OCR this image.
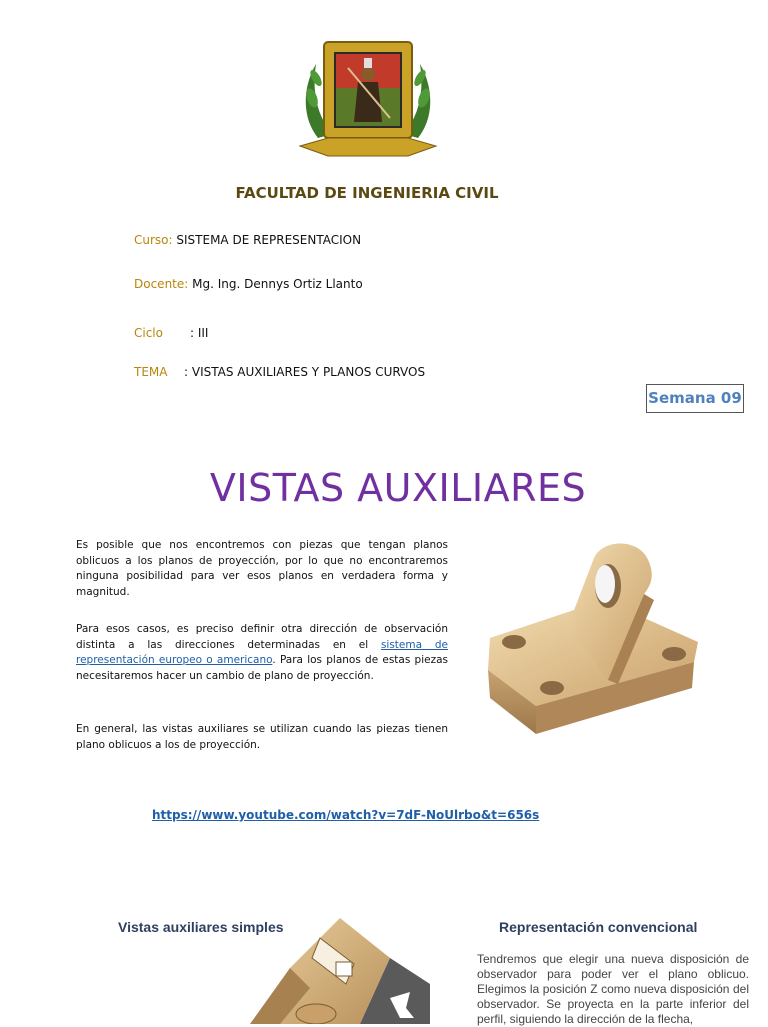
FACULTAD DE INGENIERIA CIVIL
Curso: SISTEMA DE REPRESENTACION
Docente: Mg. Ing. Dennys Ortiz Llanto
Ciclo : III
TEMA : VISTAS AUXILIARES Y PLANOS CURVOS
Semana 09
VISTAS AUXILIARES
Es posible que nos encontremos con piezas que tengan planos oblicuos a los planos de proyección, por lo que no encontraremos ninguna posibilidad para ver esos planos en verdadera forma y magnitud.
Para esos casos, es preciso definir otra dirección de observación distinta a las direcciones determinadas en el sistema de representación europeo o americano. Para los planos de estas piezas necesitaremos hacer un cambio de plano de proyección.
En general, las vistas auxiliares se utilizan cuando las piezas tienen plano oblicuos a los de proyección.
https://www.youtube.com/watch?v=7dF-NoUlrbo&t=656s
Vistas auxiliares simples	Representación convencional
Tendremos que elegir una nueva disposición de observador para poder ver el plano oblicuo. Elegimos la posición Z como nueva disposición del observador. Se proyecta en la parte inferior del perfil, siguiendo la dirección de la flecha,
